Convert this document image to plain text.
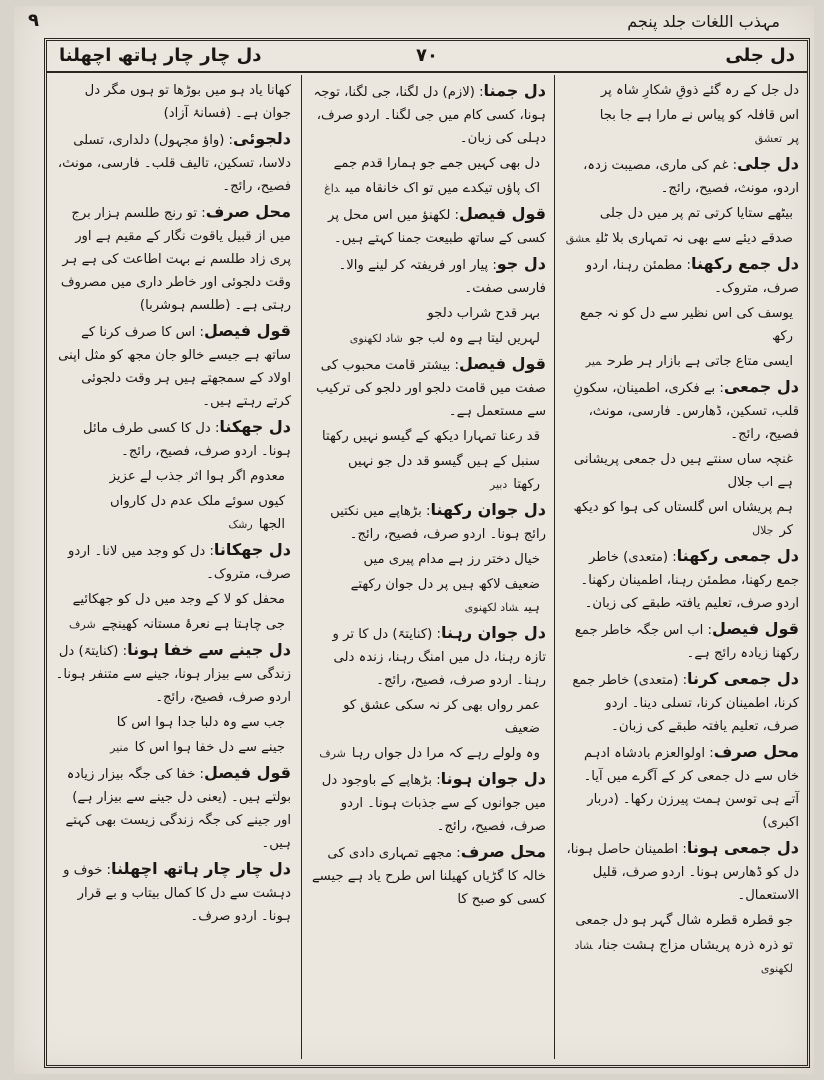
مہذب اللغات جلد پنجم
٩
دل جلی
٧٠
دل چار چار ہاتھ اچھلنا
دل جل کے رہ گئے ذوقِ شکارِ شاہ پر
اس قافلہ کو پیاس نے مارا ہے جا بجا پرتعشق
دل جلی: غم کی ماری، مصیبت زدہ، اردو، مونث، فصیح، رائج۔
بیٹھے ستایا کرتی تم پر میں دل جلی
صدقے دیئے سے بھی نہ تمہاری بلا ٹلیعشق
دل جمع رکھنا: مطمئن رہنا، اردو صرف، متروک۔
یوسف کی اس نظیر سے دل کو نہ جمع رکھ
ایسی متاع جاتی ہے بازار ہر طرحمیر
دل جمعی: بے فکری، اطمینان، سکونِ قلب، تسکین، ڈھارس۔ فارسی، مونث، فصیح، رائج۔
غنچہ ساں سنتے ہیں دل جمعی پریشانی ہے اب جلال
ہم پریشاں اس گلستاں کی ہوا کو دیکھ کرجلال
دل جمعی رکھنا: (متعدی) خاطر جمع رکھنا، مطمئن رہنا، اطمینان رکھنا۔ اردو صرف، تعلیم یافتہ طبقے کی زبان۔
قول فیصل: اب اس جگہ خاطر جمع رکھنا زیادہ رائج ہے۔
دل جمعی کرنا: (متعدی) خاطر جمع کرنا، اطمینان کرنا، تسلی دینا۔ اردو صرف، تعلیم یافتہ طبقے کی زبان۔
محل صرف: اولوالعزم بادشاہ ادہم خاں سے دل جمعی کر کے آگرے میں آیا۔ آتے ہی توسن ہمت پیرزن رکھا۔ (دربار اکبری)
دل جمعی ہونا: اطمینان حاصل ہونا، دل کو ڈھارس ہونا۔ اردو صرف، قلیل الاستعمال۔
جو قطرہ قطرہ شال گہر ہو دل جمعی
تو ذرہ ذرہ پریشاں مزاج ہشت جناںشاد لکھنوی
دل جمنا: (لازم) دل لگنا، جی لگنا، توجہ ہونا، کسی کام میں جی لگنا۔ اردو صرف، دہلی کی زبان۔
دل بھی کہیں جمے جو ہمارا قدم جمے
اک پاؤں تیکدے میں تو اک خانقاہ میںداغ
قول فیصل: لکھنؤ میں اس محل پر کسی کے ساتھ طبیعت جمنا کہتے ہیں۔
دل جو: پیار اور فریفتہ کر لینے والا۔ فارسی صفت۔
بہر قدح شراب دلجو
لہریں لیتا ہے وہ لب جوشاد لکھنوی
قول فیصل: بیشتر قامت محبوب کی صفت میں قامت دلجو اور دلجو کی ترکیب سے مستعمل ہے۔
قد رعنا تمہارا دیکھ کے گیسو نہیں رکھتا
سنبل کے ہیں گیسو قد دل جو نہیں رکھتادبیر
دل جوان رکھنا: بڑھاپے میں نکتیں رائج ہونا۔ اردو صرف، فصیح، رائج۔
خیال دختر رز ہے مدام پیری میں
ضعیف لاکھ ہیں پر دل جوان رکھتے ہیںشاد لکھنوی
دل جوان رہنا: (کنایتہً) دل کا تر و تازہ رہنا، دل میں امنگ رہنا، زندہ دلی رہنا۔ اردو صرف، فصیح، رائج۔
عمر رواں بھی کر نہ سکی عشق کو ضعیف
وہ ولولے رہے کہ مرا دل جواں رہاشرف
دل جوان ہونا: بڑھاپے کے باوجود دل میں جوانوں کے سے جذبات ہونا۔ اردو صرف، فصیح، رائج۔
محل صرف: مجھے تمہاری دادی کی خالہ کا گڑیاں کھیلنا اس طرح یاد ہے جیسے کسی کو صبح کا
کھانا یاد ہو میں بوڑھا تو ہوں مگر دل جوان ہے۔ (فسانۂ آزاد)
دلجوئی: (واؤ مجہول) دلداری، تسلی دلاسا، تسکین، تالیف قلب۔ فارسی، مونث، فصیح، رائج۔
محل صرف: تو رنج طلسم ہزار برج میں از قبیل یاقوت نگار کے مقیم ہے اور پری زاد طلسم نے بہت اطاعت کی ہے ہر وقت دلجوئی اور خاطر داری میں مصروف رہتی ہے۔ (طلسم ہوشربا)
قول فیصل: اس کا صرف کرنا کے ساتھ ہے جیسے خالو جان مجھ کو مثل اپنی اولاد کے سمجھتے ہیں ہر وقت دلجوئی کرتے رہتے ہیں۔
دل جھکنا: دل کا کسی طرف مائل ہونا۔ اردو صرف، فصیح، رائج۔
معدوم اگر ہوا اثر جذب لے عزیز
کیوں سوئے ملک عدم دل کارواں الجھارشک
دل جھکانا: دل کو وجد میں لانا۔ اردو صرف، متروک۔
محفل کو لا کے وجد میں دل کو جھکائیے
جی چاہتا ہے نعرۂ مستانہ کھینچےشرف
دل جینے سے خفا ہونا: (کنایتہً) دل زندگی سے بیزار ہونا، جینے سے متنفر ہونا۔ اردو صرف، فصیح، رائج۔
جب سے وہ دلبا جدا ہوا اس کا
جینے سے دل خفا ہوا اس کامنیر
قول فیصل: خفا کی جگہ بیزار زیادہ بولتے ہیں۔ (یعنی دل جینے سے بیزار ہے) اور جینے کی جگہ زندگی زیست بھی کہتے ہیں۔
دل چار چار ہاتھ اچھلنا: خوف و دہشت سے دل کا کمال بیتاب و بے قرار ہونا۔ اردو صرف۔
